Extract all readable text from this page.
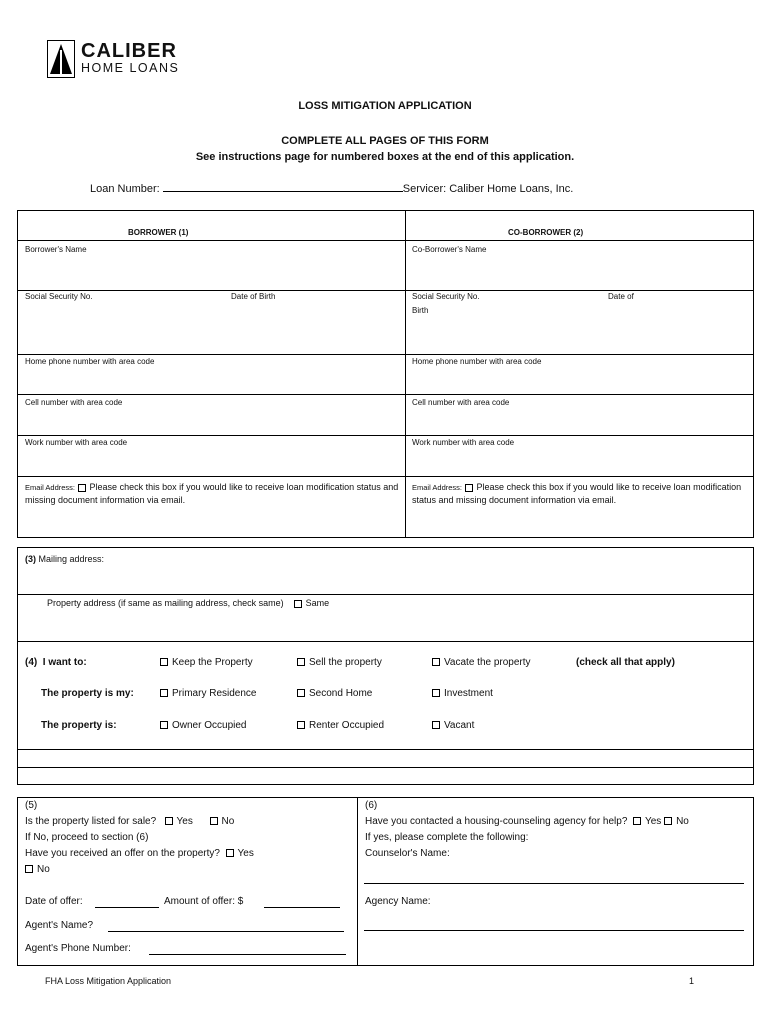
CALIBER
HOME LOANS
LOSS MITIGATION APPLICATION
COMPLETE ALL PAGES OF THIS FORM
See instructions page for numbered boxes at the end of this application.
Loan Number:	Servicer: Caliber Home Loans, Inc.
BORROWER (1)	CO-BORROWER (2)
Borrower's Name	Co-Borrower's Name
Social Security No.	Date of Birth	Social Security No.	Date of
Birth
Home phone number with area code	Home phone number with area code
Cell number with area code	Cell number with area code
Work number with area code	Work number with area code
Email Address: Please check this box if you would like to receive loan modification status and missing document information via email.
Email Address: Please check this box if you would like to receive loan modification status and missing document information via email.
(3) Mailing address:
Property address (if same as mailing address, check same) Same
(4) I want to:	Keep the Property	Sell the property	Vacate the property	(check all that apply)
The property is my:	Primary Residence	Second Home	Investment
The property is:	Owner Occupied	Renter Occupied	Vacant
(5)
Is the property listed for sale? Yes	No
If No, proceed to section (6)
Have you received an offer on the property? Yes
No
Date of offer:	Amount of offer: $
Agent's Name?
Agent's Phone Number:
(6)
Have you contacted a housing-counseling agency for help? Yes No
If yes, please complete the following:
Counselor's Name:
Agency Name:
FHA Loss Mitigation Application	1
